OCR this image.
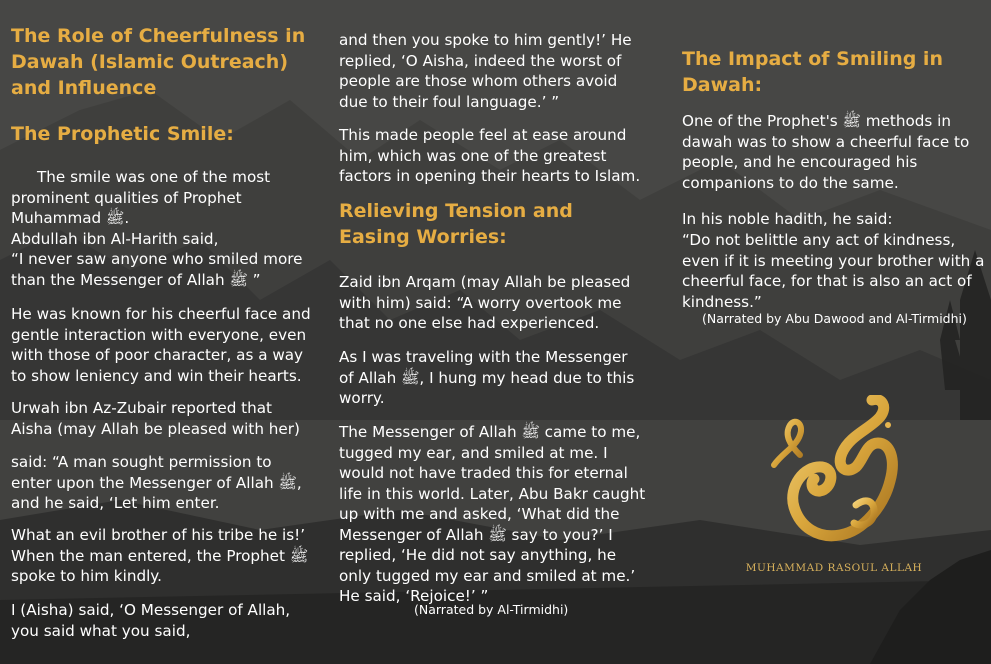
The Role of Cheerfulness in Dawah (Islamic Outreach) and Influence
The Prophetic Smile:

The smile was one of the most prominent qualities of Prophet Muhammad ﷺ.

Abdullah ibn Al-Harith said,

“I never saw anyone who smiled more than the Messenger of Allah ﷺ ”

He was known for his cheerful face and gentle interaction with everyone, even with those of poor character, as a way to show leniency and win their hearts.

Urwah ibn Az-Zubair reported that Aisha (may Allah be pleased with her)

said: “A man sought permission to enter upon the Messenger of Allah ﷺ, and he said, ‘Let him enter.

What an evil brother of his tribe he is!’ When the man entered, the Prophet ﷺ spoke to him kindly.

I (Aisha) said, ‘O Messenger of Allah, you said what you said,

and then you spoke to him gently!’ He replied, ‘O Aisha, indeed the worst of people are those whom others avoid due to their foul language.’ ”

This made people feel at ease around him, which was one of the greatest factors in opening their hearts to Islam.

Relieving Tension and Easing Worries:

Zaid ibn Arqam (may Allah be pleased with him) said: “A worry overtook me that no one else had experienced.

As I was traveling with the Messenger of Allah ﷺ, I hung my head due to this worry.

The Messenger of Allah ﷺ came to me, tugged my ear, and smiled at me. I would not have traded this for eternal life in this world. Later, Abu Bakr caught up with me and asked, ‘What did the Messenger of Allah ﷺ say to you?’ I replied, ‘He did not say anything, he only tugged my ear and smiled at me.’ He said, ‘Rejoice!’ ”

(Narrated by Al-Tirmidhi)

The Impact of Smiling in Dawah:

One of the Prophet's ﷺ methods in dawah was to show a cheerful face to people, and he encouraged his companions to do the same.

In his noble hadith, he said:

“Do not belittle any act of kindness, even if it is meeting your brother with a cheerful face, for that is also an act of kindness.”

(Narrated by Abu Dawood and Al-Tirmidhi)

MUHAMMAD RASOUL ALLAH
